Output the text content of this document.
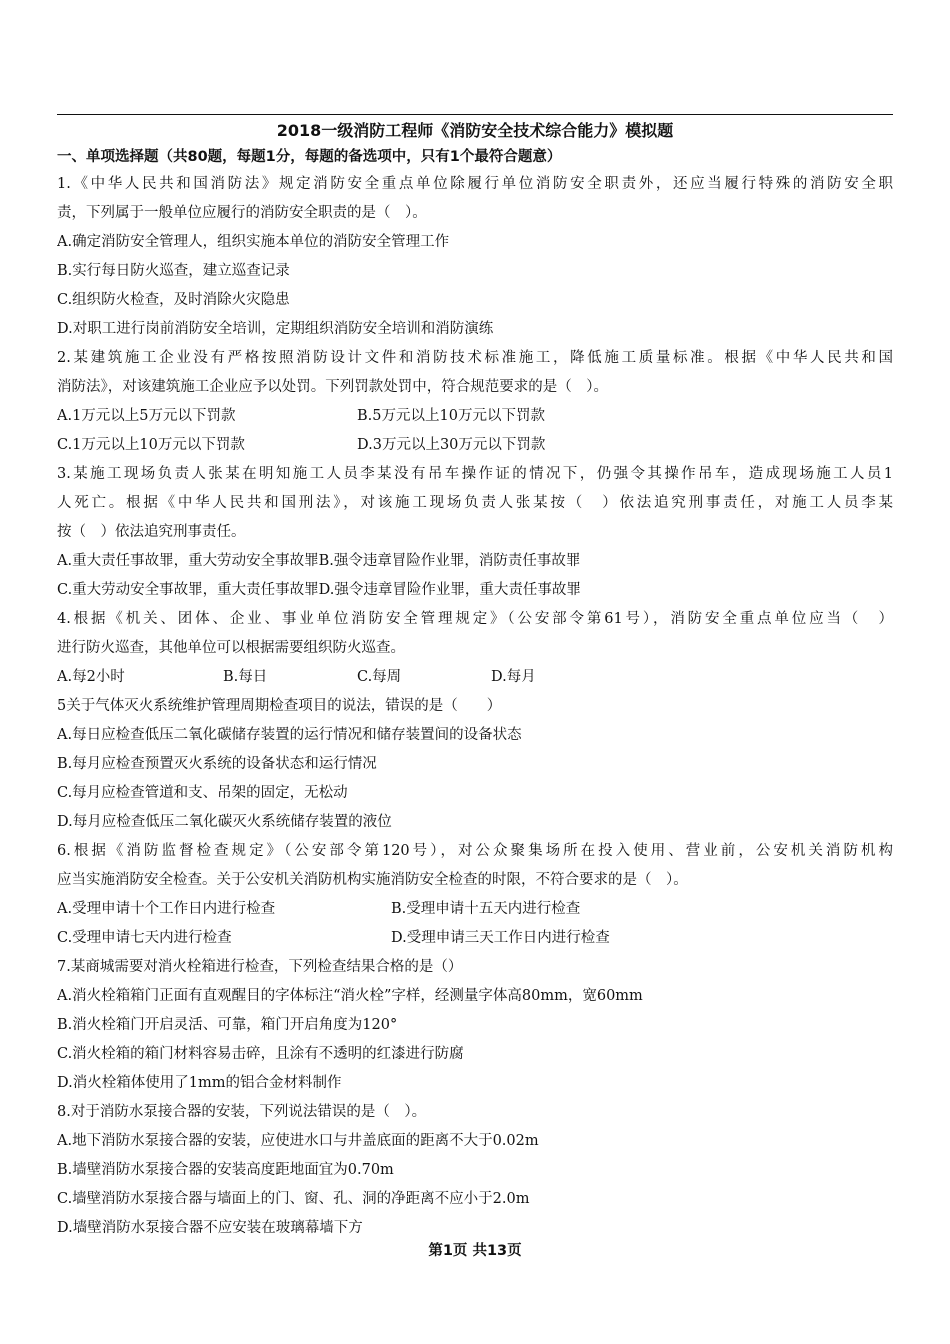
2018一级消防工程师《消防安全技术综合能力》模拟题
一、单项选择题（共80题，每题1分，每题的备选项中，只有1个最符合题意）
1.《中华人民共和国消防法》规定消防安全重点单位除履行单位消防安全职责外，还应当履行特殊的消防安全职
责，下列属于一般单位应履行的消防安全职责的是（　）。
A.确定消防安全管理人，组织实施本单位的消防安全管理工作
B.实行每日防火巡查，建立巡查记录
C.组织防火检查，及时消除火灾隐患
D.对职工进行岗前消防安全培训，定期组织消防安全培训和消防演练
2.某建筑施工企业没有严格按照消防设计文件和消防技术标准施工，降低施工质量标准。根据《中华人民共和国
消防法》，对该建筑施工企业应予以处罚。下列罚款处罚中，符合规范要求的是（　）。
A.1万元以上5万元以下罚款	B.5万元以上10万元以下罚款
C.1万元以上10万元以下罚款	D.3万元以上30万元以下罚款
3.某施工现场负责人张某在明知施工人员李某没有吊车操作证的情况下，仍强令其操作吊车，造成现场施工人员1
人死亡。根据《中华人民共和国刑法》，对该施工现场负责人张某按（　）依法追究刑事责任，对施工人员李某
按（　）依法追究刑事责任。
A.重大责任事故罪，重大劳动安全事故罪B.强令违章冒险作业罪，消防责任事故罪
C.重大劳动安全事故罪，重大责任事故罪D.强令违章冒险作业罪，重大责任事故罪
4.根据《机关、团体、企业、事业单位消防安全管理规定》（公安部令第61号），消防安全重点单位应当（　）
进行防火巡查，其他单位可以根据需要组织防火巡查。
A.每2小时	B.每日	C.每周	D.每月
5关于气体灭火系统维护管理周期检查项目的说法，错误的是（　　）
A.每日应检查低压二氧化碳储存装置的运行情况和储存装置间的设备状态
B.每月应检查预置灭火系统的设备状态和运行情况
C.每月应检查管道和支、吊架的固定，无松动
D.每月应检查低压二氧化碳灭火系统储存装置的液位
6.根据《消防监督检查规定》（公安部令第120号），对公众聚集场所在投入使用、营业前，公安机关消防机构
应当实施消防安全检查。关于公安机关消防机构实施消防安全检查的时限，不符合要求的是（　）。
A.受理申请十个工作日内进行检查	B.受理申请十五天内进行检查
C.受理申请七天内进行检查	D.受理申请三天工作日内进行检查
7.某商城需要对消火栓箱进行检查，下列检查结果合格的是（）
A.消火栓箱箱门正面有直观醒目的字体标注“消火栓”字样，经测量字体高80mm，宽60mm
B.消火栓箱门开启灵活、可靠，箱门开启角度为120°
C.消火栓箱的箱门材料容易击碎，且涂有不透明的红漆进行防腐
D.消火栓箱体使用了1mm的铝合金材料制作
8.对于消防水泵接合器的安装，下列说法错误的是（　）。
A.地下消防水泵接合器的安装，应使进水口与井盖底面的距离不大于0.02m
B.墙壁消防水泵接合器的安装高度距地面宜为0.70m
C.墙壁消防水泵接合器与墙面上的门、窗、孔、洞的净距离不应小于2.0m
D.墙壁消防水泵接合器不应安装在玻璃幕墙下方
第1页 共13页
